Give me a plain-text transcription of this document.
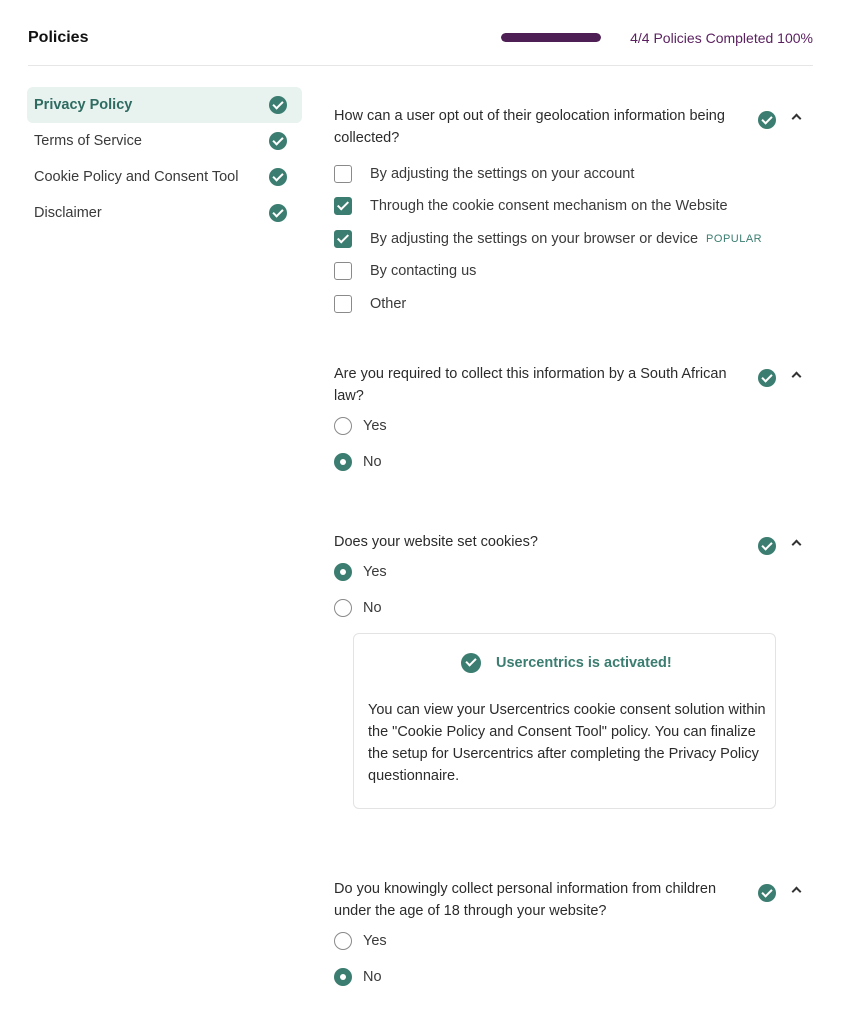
Policies	4/4 Policies Completed 100%
Privacy Policy
Terms of Service
Cookie Policy and Consent Tool
Disclaimer
How can a user opt out of their geolocation information being collected?
By adjusting the settings on your account
Through the cookie consent mechanism on the Website
By adjusting the settings on your browser or device POPULAR
By contacting us
Other
Are you required to collect this information by a South African law?
Yes
No
Does your website set cookies?
Yes
No
Usercentrics is activated!
You can view your Usercentrics cookie consent solution within the "Cookie Policy and Consent Tool" policy. You can finalize the setup for Usercentrics after completing the Privacy Policy questionnaire.
Do you knowingly collect personal information from children under the age of 18 through your website?
Yes
No
